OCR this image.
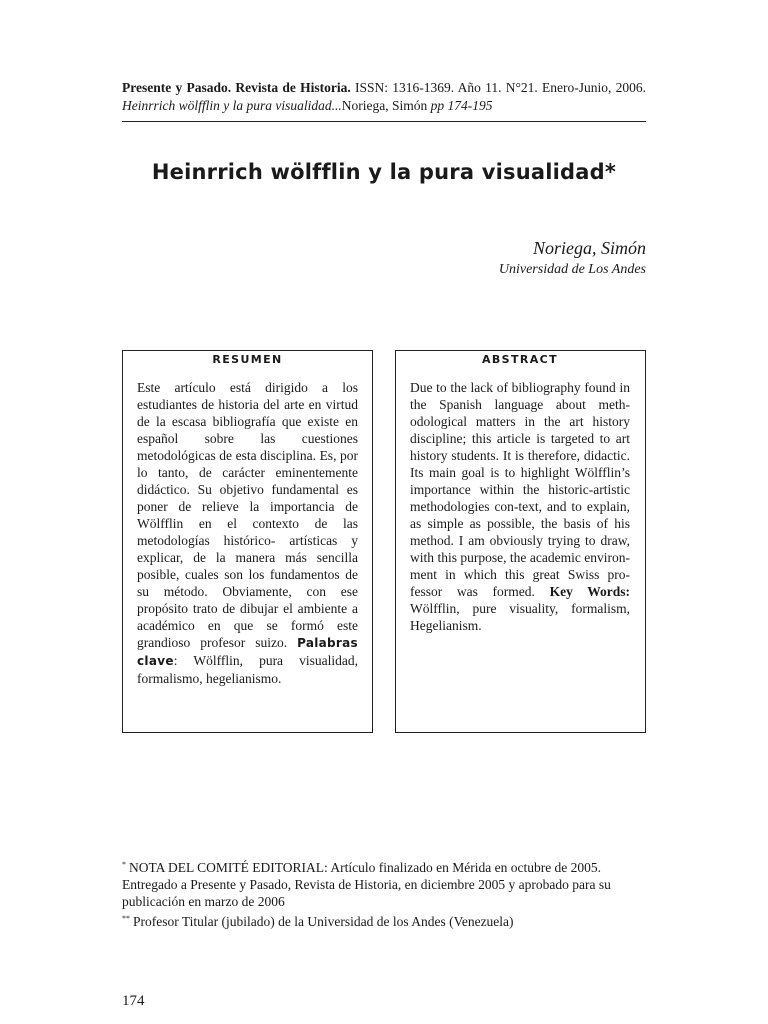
Presente y Pasado. Revista de Historia. ISSN: 1316-1369. Año 11. N°21. Enero-Junio, 2006. Heinrrich wölfflin y la pura visualidad...Noriega, Simón pp 174-195
Heinrrich wölfflin y la pura visualidad*
Noriega, Simón
Universidad de Los Andes
RESUMEN
Este artículo está dirigido a los estudiantes de historia del arte en virtud de la escasa bibliografía que existe en español sobre las cuestiones metodológicas de esta disciplina. Es, por lo tanto, de carácter eminentemente didáctico. Su objetivo fundamental es poner de relieve la importancia de Wölfflin en el contexto de las metodologías histórico- artísticas y explicar, de la manera más sencilla posible, cuales son los fundamentos de su método. Obviamente, con ese propósito trato de dibujar el ambiente a académico en que se formó este grandioso profesor suizo. Palabras clave: Wölfflin, pura visualidad, formalismo, hegelianismo.
ABSTRACT
Due to the lack of bibliography found in the Spanish language about meth-odological matters in the art history discipline; this article is targeted to art history students. It is therefore, didactic. Its main goal is to highlight Wölfflin’s importance within the historic-artistic methodologies con-text, and to explain, as simple as possible, the basis of his method. I am obviously trying to draw, with this purpose, the academic environ-ment in which this great Swiss pro-fessor was formed. Key Words: Wölfflin, pure visuality, formalism, Hegelianism.

* NOTA DEL COMITÉ EDITORIAL: Artículo finalizado en Mérida en octubre de 2005. Entregado a Presente y Pasado, Revista de Historia, en diciembre 2005 y aprobado para su publicación en marzo de 2006

** Profesor Titular (jubilado) de la Universidad de los Andes (Venezuela)

174
